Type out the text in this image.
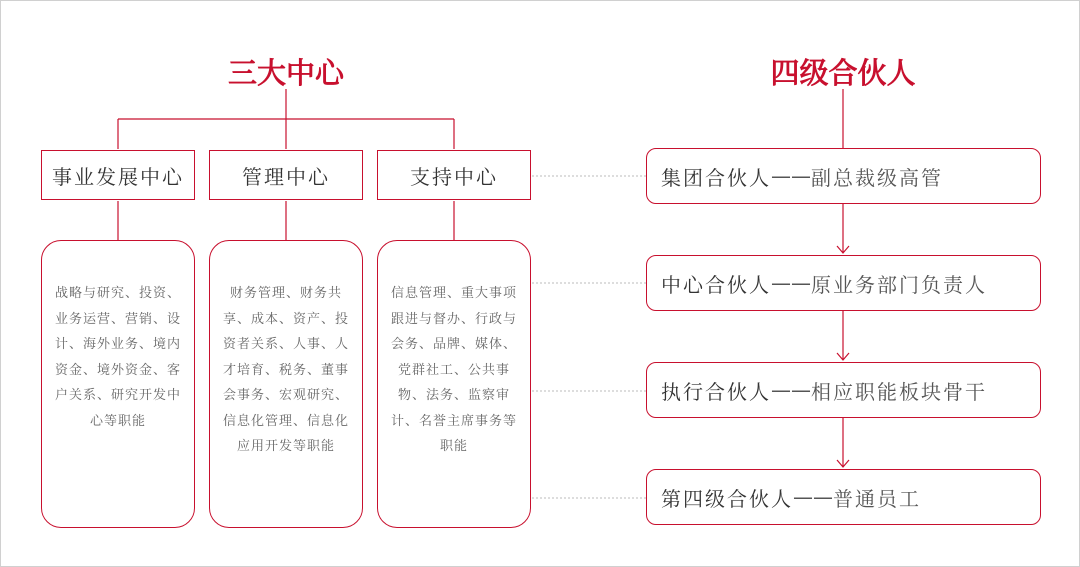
三大中心
事业发展中心	管理中心	支持中心
战略与研究、投资、业务运营、营销、设计、海外业务、境内资金、境外资金、客户关系、研究开发中心等职能
财务管理、财务共享、成本、资产、投资者关系、人事、人才培育、税务、董事会事务、宏观研究、信息化管理、信息化应用开发等职能
信息管理、重大事项跟进与督办、行政与会务、品牌、媒体、党群社工、公共事物、法务、监察审计、名誉主席事务等职能
四级合伙人
集团合伙人 —— 副总裁级高管
中心合伙人 —— 原业务部门负责人
执行合伙人 —— 相应职能板块骨干
第四级合伙人 —— 普通员工
